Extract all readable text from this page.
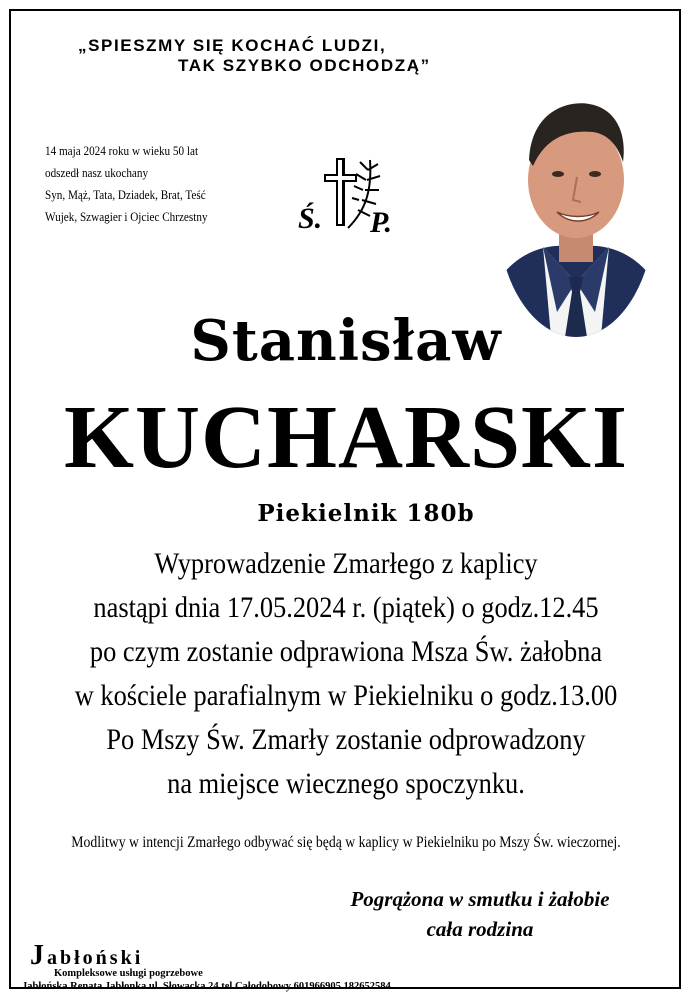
„SPIESZMY SIĘ KOCHAĆ LUDZI,
TAK SZYBKO ODCHODZĄ”
14 maja 2024 roku w wieku 50 lat
odszedł nasz ukochany
Syn, Mąż, Tata, Dziadek, Brat, Teść
Wujek, Szwagier i Ojciec Chrzestny	Ś. P.
Stanisław
KUCHARSKI
Piekielnik 180b
Wyprowadzenie Zmarłego z kaplicy
nastąpi dnia 17.05.2024 r. (piątek) o godz.12.45
po czym zostanie odprawiona Msza Św. żałobna
w kościele parafialnym w Piekielniku o godz.13.00
Po Mszy Św. Zmarły zostanie odprowadzony
na miejsce wiecznego spoczynku.
Modlitwy w intencji Zmarłego odbywać się będą w kaplicy w Piekielniku po Mszy Św. wieczornej.
Pogrążona w smutku i żałobie
cała rodzina
Jabłoński
Kompleksowe usługi pogrzebowe
Jabłońska Renata Jabłonka ul. Słowacka 24 tel Całodobowy 601966905 182652584
